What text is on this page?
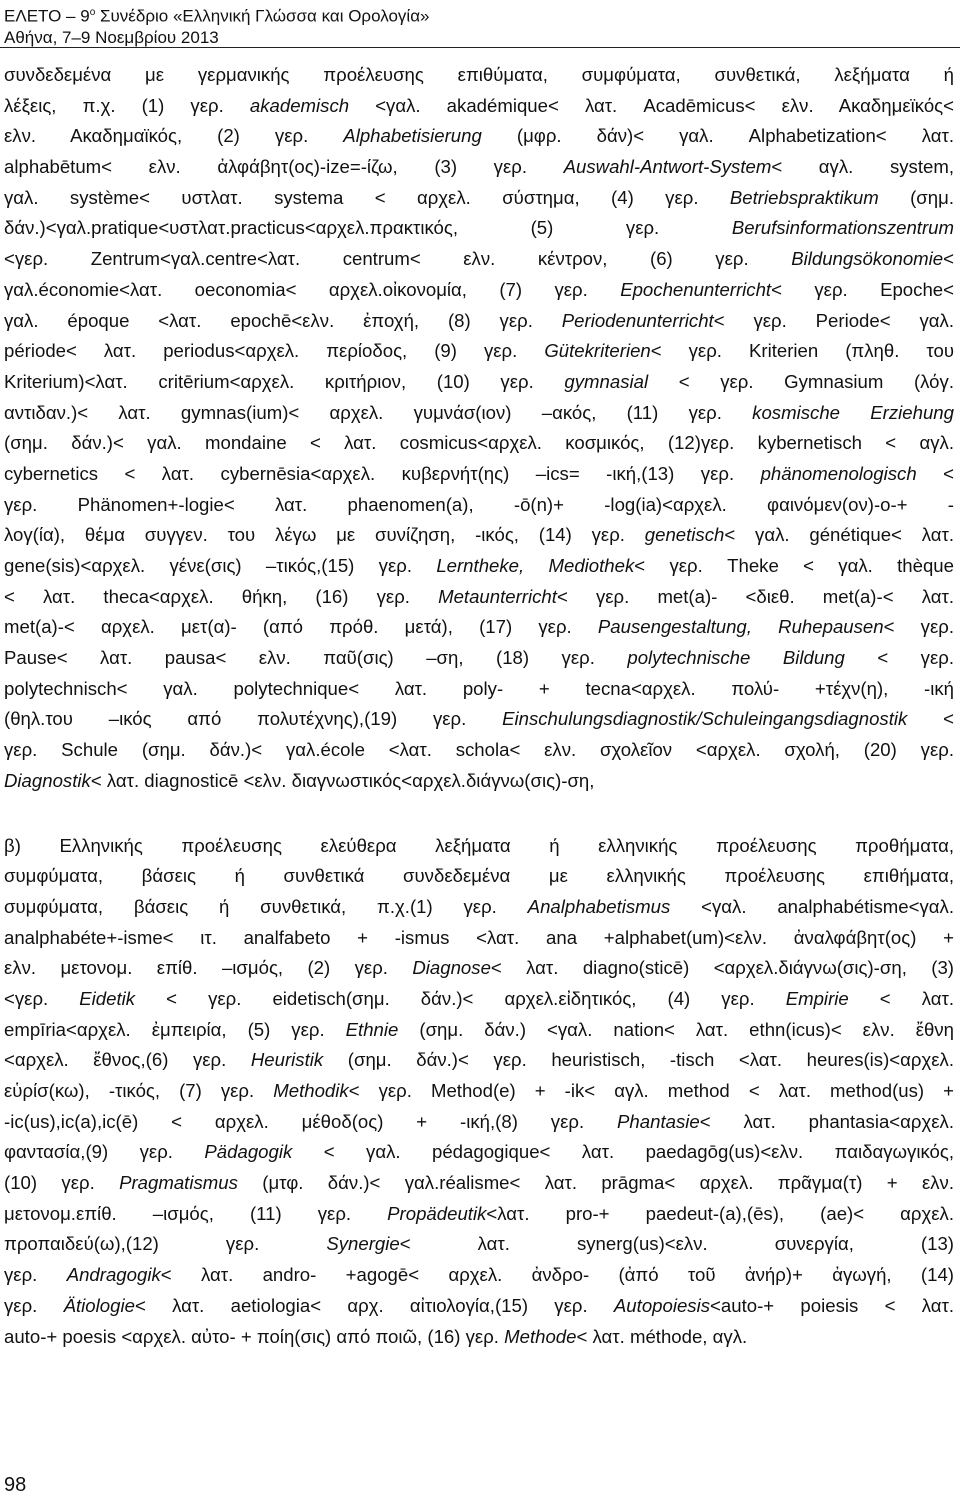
ΕΛΕΤΟ – $9^o$ Συνέδριο «Ελληνική Γλώσσα και Ορολογία»
Αθήνα, 7–9 Νοεμβρίου 2013
συνδεδεμένα με γερμανικής προέλευσης επιθύματα, συμφύματα, συνθετικά, λεξήματα ή
λέξεις, π.χ. (1) γερ. akademisch <γαλ. akadémique< λατ. Acadēmicus< ελν. Ακαδημεϊκός<
ελν. Ακαδημαϊκός, (2) γερ. Alphabetisierung (μφρ. δάν)< γαλ. Alphabetization< λατ.
alphabētum< ελν. ἀλφάβητ(ος)-ize=-ίζω, (3) γερ. Auswahl-Antwort-System< αγλ. system,
γαλ. système< υστλατ. systema < αρχελ. σύστημα, (4) γερ. Betriebspraktikum (σημ.
δάν.)<γαλ.pratique<υστλατ.practicus<αρχελ.πρακτικός, (5) γερ. Berufsinformationszentrum
<γερ. Zentrum<γαλ.centre<λατ. centrum< ελν. κέντρον, (6) γερ. Bildungsökonomie<
γαλ.économie<λατ. oeconomia< αρχελ.οἰκονομία, (7) γερ. Epochenunterricht< γερ. Epoche<
γαλ. époque <λατ. epochē<ελν. ἐποχή, (8) γερ. Periodenunterricht< γερ. Periode< γαλ.
période< λατ. periodus<αρχελ. περίοδος, (9) γερ. Gütekriterien< γερ. Kriterien (πληθ. του
Kriterium)<λατ. critērium<αρχελ. κριτήριον, (10) γερ. gymnasial < γερ. Gymnasium (λόγ.
αντιδαν.)< λατ. gymnas(ium)< αρχελ. γυμνάσ(ιον) –ακός, (11) γερ. kosmische Erziehung
(σημ. δάν.)< γαλ. mondaine < λατ. cosmicus<αρχελ. κοσμικός, (12)γερ. kybernetisch < αγλ.
cybernetics < λατ. cybernēsia<αρχελ. κυβερνήτ(ης) –ics= -ική,(13) γερ. phänomenologisch <
γερ. Phänomen+-logie< λατ. phaenomen(a), -ō(n)+ -log(ia)<αρχελ. φαινόμεν(ον)-ο-+ -
λογ(ία), θέμα συγγεν. του λέγω με συνίζηση, -ικός, (14) γερ. genetisch< γαλ. génétique< λατ.
gene(sis)<αρχελ. γένε(σις) –τικός,(15) γερ. Lerntheke, Mediothek< γερ. Theke < γαλ. thèque
< λατ. theca<αρχελ. θήκη, (16) γερ. Metaunterricht< γερ. met(a)- <διεθ. met(a)-< λατ.
met(a)-< αρχελ. μετ(α)- (από πρόθ. μετά), (17) γερ. Pausengestaltung, Ruhepausen< γερ.
Pause< λατ. pausa< ελν. παῦ(σις) –ση, (18) γερ. polytechnische Bildung < γερ.
polytechnisch< γαλ. polytechnique< λατ. poly- + tecna<αρχελ. πολύ- +τέχν(η), -ική
(θηλ.του –ικός από πολυτέχνης),(19) γερ. Einschulungsdiagnostik/Schuleingangsdiagnostik <
γερ. Schule (σημ. δάν.)< γαλ.école <λατ. schola< ελν. σχολεῖον <αρχελ. σχολή, (20) γερ.
Diagnostik< λατ. diagnosticē <ελν. διαγνωστικός<αρχελ.διάγνω(σις)-ση,
β) Ελληνικής προέλευσης ελεύθερα λεξήματα ή ελληνικής προέλευσης προθήματα,
συμφύματα, βάσεις ή συνθετικά συνδεδεμένα με ελληνικής προέλευσης επιθήματα,
συμφύματα, βάσεις ή συνθετικά, π.χ.(1) γερ. Analphabetismus <γαλ. analphabétisme<γαλ.
analphabéte+-isme< ιτ. analfabeto + -ismus <λατ. ana +alphabet(um)<ελν. ἀναλφάβητ(ος) +
ελν. μετονομ. επίθ. –ισμός, (2) γερ. Diagnose< λατ. diagno(sticē) <αρχελ.διάγνω(σις)-ση, (3)
<γερ. Eidetik < γερ. eidetisch(σημ. δάν.)< αρχελ.εἰδητικός, (4) γερ. Empirie < λατ.
empīria<αρχελ. ἐμπειρία, (5) γερ. Ethnie (σημ. δάν.) <γαλ. nation< λατ. ethn(icus)< ελν. ἔθνη
<αρχελ. ἔθνος,(6) γερ. Heuristik (σημ. δάν.)< γερ. heuristisch, -tisch <λατ. heures(is)<αρχελ.
εὑρίσ(κω), -τικός, (7) γερ. Methodik< γερ. Method(e) + -ik< αγλ. method < λατ. method(us) +
-ic(us),ic(a),ic(ē) < αρχελ. μέθοδ(ος) + -ική,(8) γερ. Phantasie< λατ. phantasia<αρχελ.
φαντασία,(9) γερ. Pädagogik < γαλ. pédagogique< λατ. paedagōg(us)<ελν. παιδαγωγικός,
(10) γερ. Pragmatismus (μτφ. δάν.)< γαλ.réalisme< λατ. prāgma< αρχελ. πρᾶγμα(τ) + ελν.
μετονομ.επίθ. –ισμός, (11) γερ. Propädeutik<λατ. pro-+ paedeut-(a),(ēs), (ae)< αρχελ.
προπαιδεύ(ω),(12) γερ. Synergie< λατ. synerg(us)<ελν. συνεργία, (13)
γερ. Andragogik< λατ. andro- +agogē< αρχελ. ἀνδρο- (ἀπό τοῦ ἀνήρ)+ ἀγωγή, (14)
γερ. Ätiologie< λατ. aetiologia< αρχ. αἰτιολογία,(15) γερ. Autopoiesis<auto-+ poiesis < λατ.
auto-+ poesis <αρχελ. αὐτο- + ποίη(σις) από ποιῶ, (16) γερ. Methode< λατ. méthode, αγλ.
98
